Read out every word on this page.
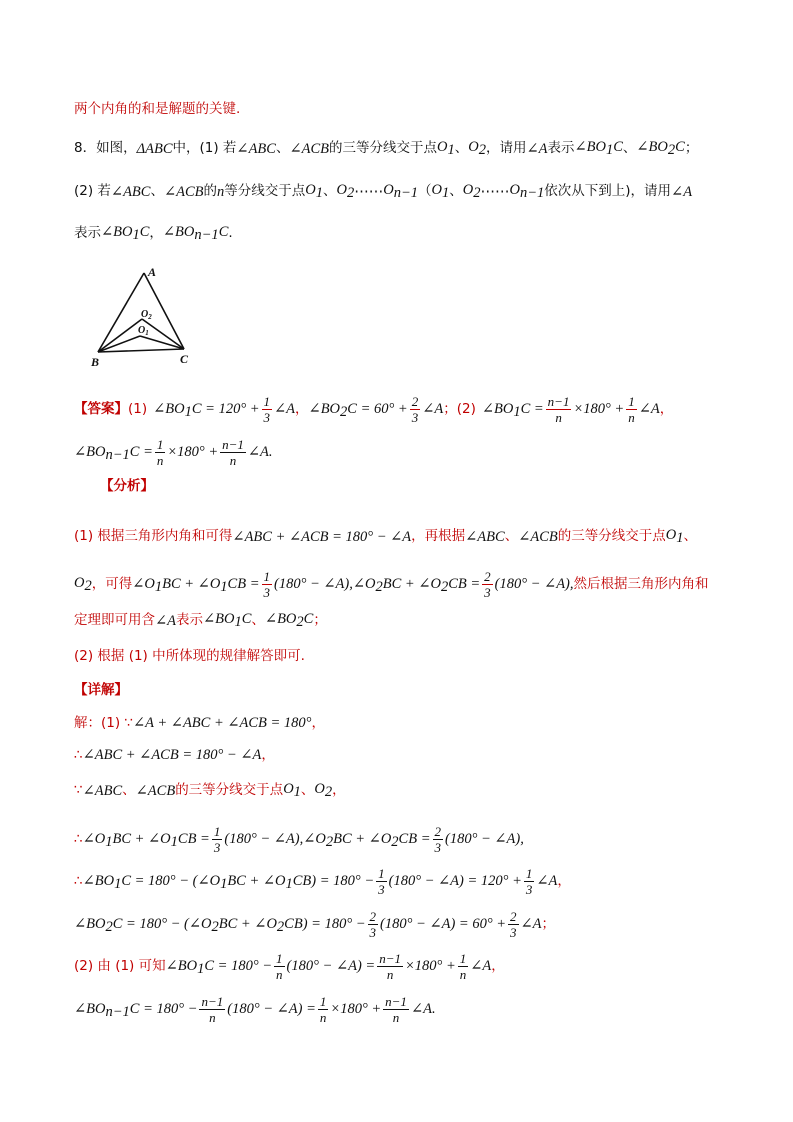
两个内角的和是解题的关键.
8．如图， ΔABC 中，(1) 若 ∠ABC 、 ∠ACB 的三等分线交于点 $O_1$ 、 $O_2$ ，请用 ∠A 表示 $\angle BO_1C$ 、 $\angle BO_2C$ ；
(2) 若 ∠ABC 、 ∠ACB 的 n 等分线交于点 $O_1$ 、 $O_2$ ⋯⋯ $O_{n-1}$ （ $O_1$ 、 $O_2$ ⋯⋯ $O_{n-1}$ 依次从下到上)，请用 ∠A
表示 $\angle BO_1C$ ， $\angle BO_{n-1}C$ .
A
B	C
$O_2$
$O_1$
【答案】 (1) $\angle BO_1C = 120^\circ + \frac{1}{3}$ ∠A ， $\angle BO_2C = 60^\circ + \frac{2}{3}$ ∠A ； (2) $\angle BO_1C = \frac{n-1}{n} \times 180^\circ + \frac{1}{n}$ ∠A ，
$\angle BO_{n-1}C = \frac{1}{n} \times 180^\circ + \frac{n-1}{n}$ ∠A.
【分析】
(1) 根据三角形内角和可得 ∠ABC + ∠ACB = 180° − ∠A ，再根据 ∠ABC 、 ∠ACB 的三等分线交于点 $O_1$ 、
$O_2$ ，可得 $\angle O_1BC$ + $\angle O_1CB = \frac{1}{3} (180^\circ$ − ∠A), $\angle O_2BC$ + $\angle O_2CB = \frac{2}{3} (180^\circ$ − ∠A), 然后根据三角形内角和
定理即可用含 ∠A 表示 $\angle BO_1C$ 、 $\angle BO_2C$ ；
(2) 根据 (1) 中所体现的规律解答即可.
【详解】
解：(1) ∵ ∠A + ∠ABC + ∠ACB = 180° ，
∴ ∠ABC + ∠ACB = 180° − ∠A ，
∵ ∠ABC 、 ∠ACB 的三等分线交于点 $O_1$ 、 $O_2$ ，
∴ $\angle O_1BC$ + $\angle O_1CB = \frac{1}{3} (180^\circ$ − ∠A), $\angle O_2BC$ + $\angle O_2CB = \frac{2}{3} (180^\circ$ − ∠A),
∴ $\angle BO_1C = 180^\circ$ − ($\angle O_1BC$ + $\angle O_1CB) = 180^\circ - \frac{1}{3} (180^\circ$ − ∠A) = $120^\circ + \frac{1}{3}$ ∠A ，
$\angle BO_2C = 180^\circ$ − ($\angle O_2BC$ + $\angle O_2CB) = 180^\circ - \frac{2}{3} (180^\circ$ − ∠A) = $60^\circ + \frac{2}{3}$ ∠A ；
(2) 由 (1) 可知 $\angle BO_1C = 180^\circ - \frac{1}{n} (180^\circ$ − ∠A) = $\frac{n-1}{n} \times 180^\circ + \frac{1}{n}$ ∠A ，
$\angle BO_{n-1}C = 180^\circ - \frac{n-1}{n} (180^\circ$ − ∠A) = $\frac{1}{n} \times 180^\circ + \frac{n-1}{n}$ ∠A.
